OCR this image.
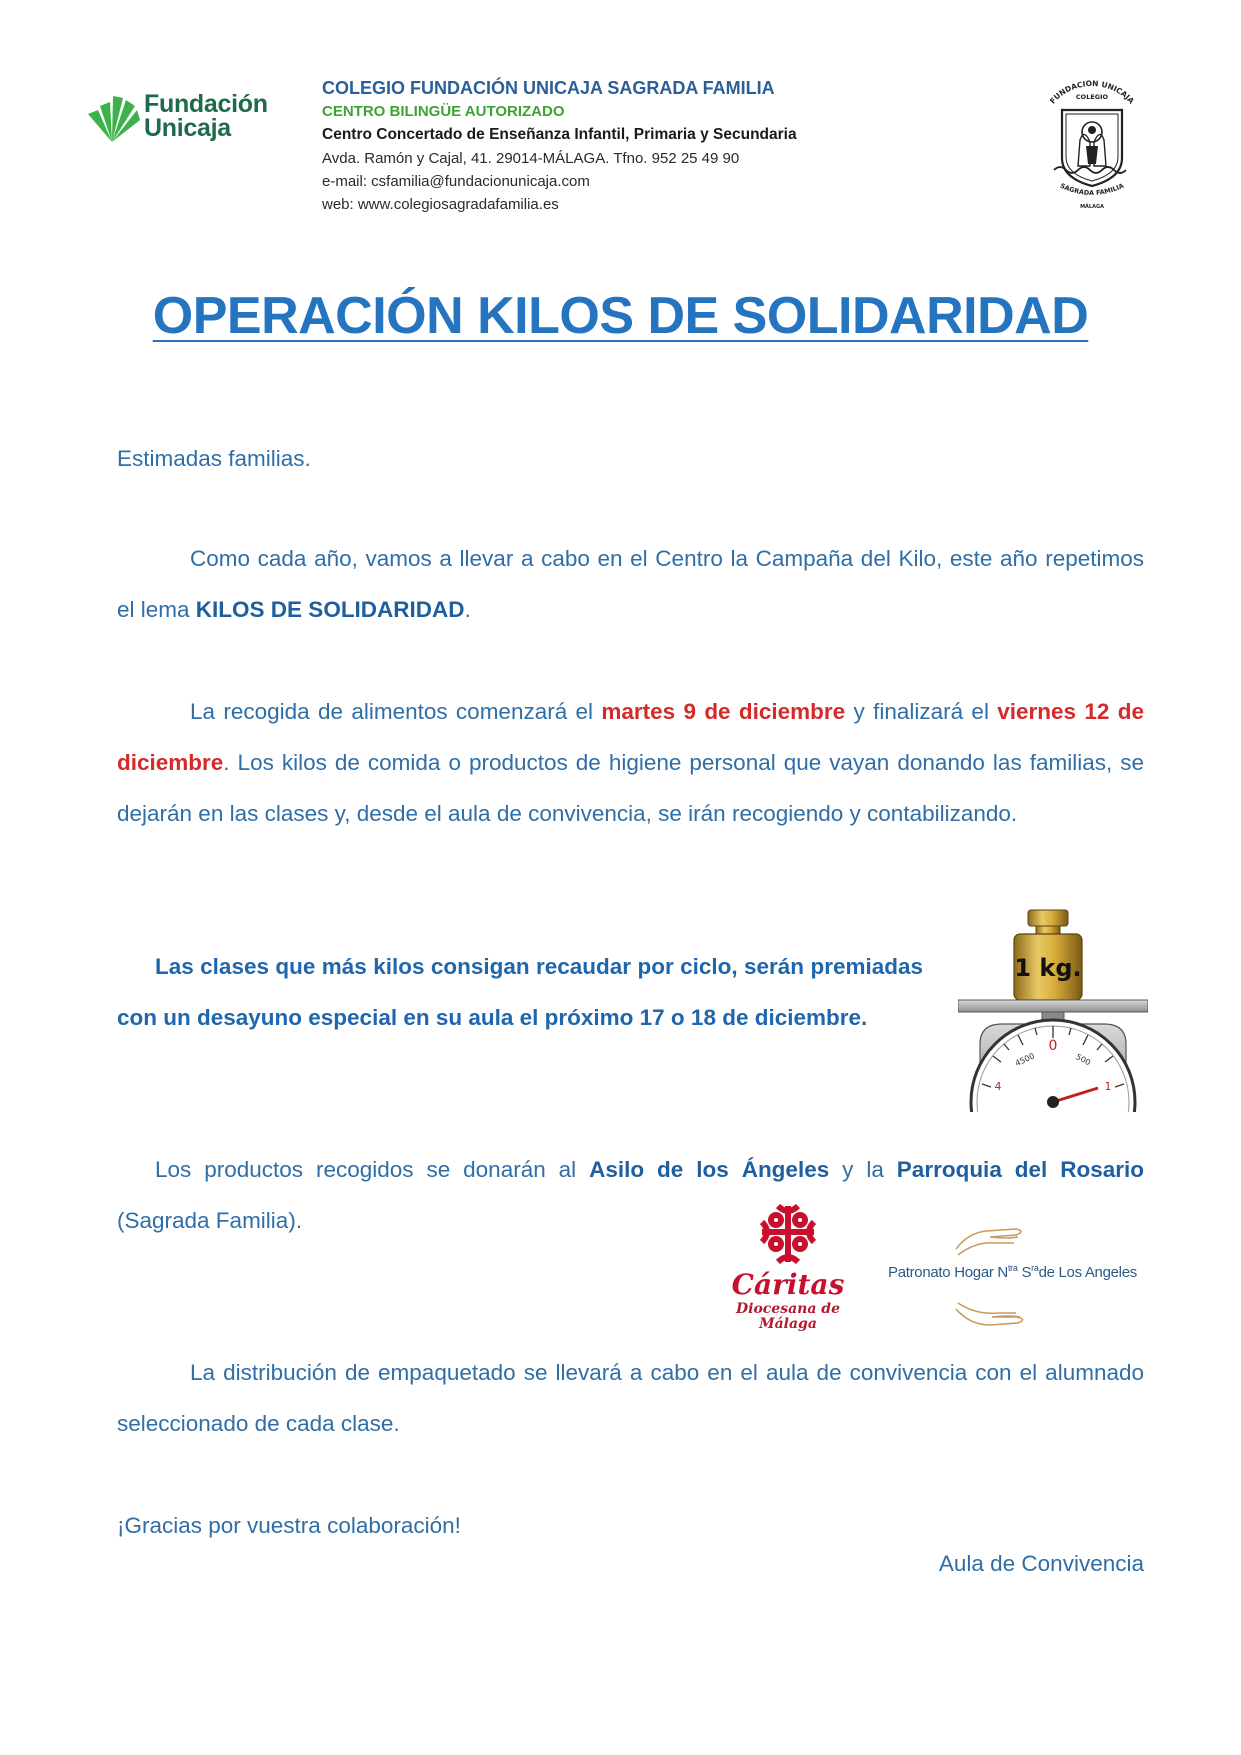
Fundación
Unicaja
COLEGIO FUNDACIÓN UNICAJA SAGRADA FAMILIA
CENTRO BILINGÜE AUTORIZADO
Centro Concertado de Enseñanza Infantil, Primaria y Secundaria
Avda. Ramón y Cajal, 41. 29014-MÁLAGA. Tfno. 952 25 49 90
e-mail: csfamilia@fundacionunicaja.com
web: www.colegiosagradafamilia.es
FUNDACIÓN UNICAJA
COLEGIO
SAGRADA FAMILIA
MÁLAGA
OPERACIÓN KILOS DE SOLIDARIDAD
Estimadas familias.
Como cada año, vamos a llevar a cabo en el Centro la Campaña del Kilo, este año repetimos el lema KILOS DE SOLIDARIDAD.
La recogida de alimentos comenzará el martes 9 de diciembre y finalizará el viernes 12 de diciembre. Los kilos de comida o productos de higiene personal que vayan donando las familias, se dejarán en las clases y, desde el aula de convivencia, se irán recogiendo y contabilizando.
Las clases que más kilos consigan recaudar por ciclo, serán premiadas con un desayuno especial en su aula el próximo 17 o 18 de diciembre.
1 kg.
0
4500	500
4	1
Los productos recogidos se donarán al Asilo de los Ángeles y la Parroquia del Rosario (Sagrada Familia).
Cáritas
Diocesana de
Málaga
Patronato Hogar $N^{tra}$ $S^{ra}de$ Los Angeles
La distribución de empaquetado se llevará a cabo en el aula de convivencia con el alumnado seleccionado de cada clase.
¡Gracias por vuestra colaboración!
Aula de Convivencia
